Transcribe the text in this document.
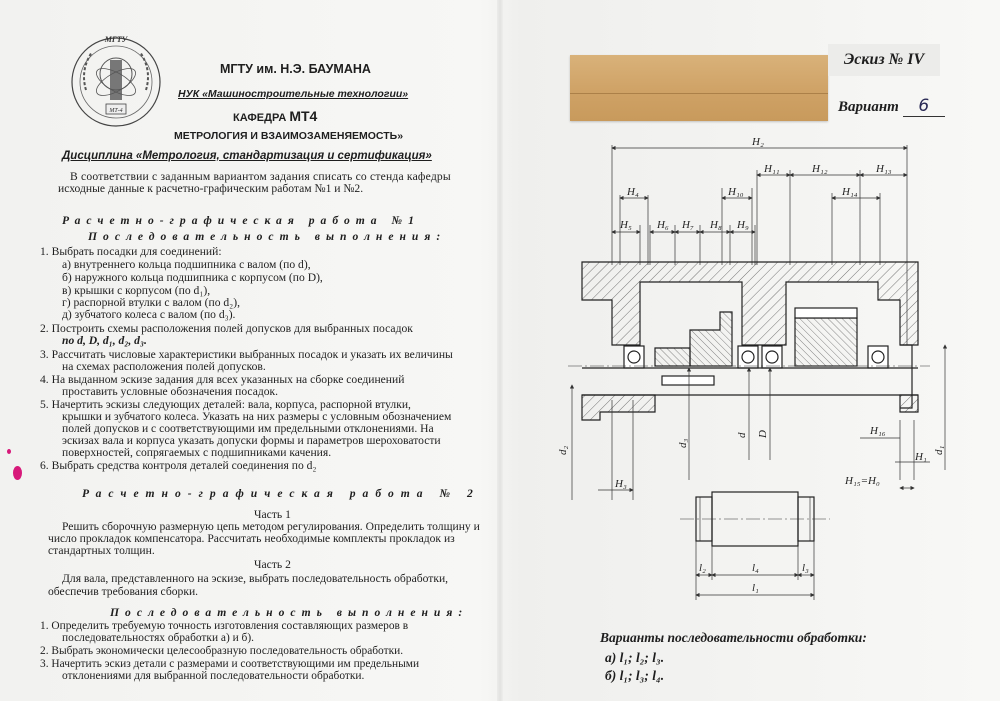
МГТУ
МТ-4
МГТУ им. Н.Э. БАУМАНА
НУК «Машиностроительные технологии»
КАФЕДРА МТ4
МЕТРОЛОГИЯ И ВЗАИМОЗАМЕНЯЕМОСТЬ»
Дисциплина «Метрология, стандартизация и сертификация»
В соответствии с заданным вариантом задания списать со стенда кафедры
исходные данные к расчетно-графическим работам №1 и №2.
Расчетно-графическая работа №1
Последовательность выполнения:
1. Выбрать посадки для соединений:
а) внутреннего кольца подшипника с валом (по d),
б) наружного кольца подшипника с корпусом (по D),
в) крышки с корпусом (по d₁),
г) распорной втулки с валом (по d₂),
д) зубчатого колеса с валом (по d₃).
2. Построить схемы расположения полей допусков для выбранных посадок
по d, D, d₁, d₂, d₃.
3. Рассчитать числовые характеристики выбранных посадок и указать их величины
на схемах расположения полей допусков.
4. На выданном эскизе задания для всех указанных на сборке соединений
проставить условные обозначения посадок.
5. Начертить эскизы следующих деталей: вала, корпуса, распорной втулки,
крышки и зубчатого колеса. Указать на них размеры с условным обозначением
полей допусков и с соответствующими им предельными отклонениями. На
эскизах вала и корпуса указать допуски формы и параметров шероховатости
поверхностей, сопрягаемых с подшипниками качения.
6. Выбрать средства контроля деталей соединения по d₂
Расчетно-графическая работа № 2
Часть 1
Решить сборочную размерную цепь методом регулирования. Определить толщину и
число прокладок компенсатора. Рассчитать необходимые комплекты прокладок из
стандартных толщин.
Часть 2
Для вала, представленного на эскизе, выбрать последовательность обработки,
обеспечив требования сборки.
Последовательность выполнения:
1. Определить требуемую точность изготовления составляющих размеров в
последовательностях обработки а) и б).
2. Выбрать экономически целесообразную последовательность обработки.
3. Начертить эскиз детали с размерами и соответствующими им предельными
отклонениями для выбранной последовательности обработки.
Эскиз № IV
Вариант 6
H₂
H₁₁	H₁₂	H₁₃
H₄	H₁₀	H₁₄
H₅ H₆ H₇ H₈ H₉
H₁₆
H₁
H₁₅=H₀
H₃
d₂
d₃
d D
d₁
l₂	l₄	l₃
l₁
Варианты последовательности обработки:
а) l₁; l₂; l₃.
б) l₁; l₃; l₄.
